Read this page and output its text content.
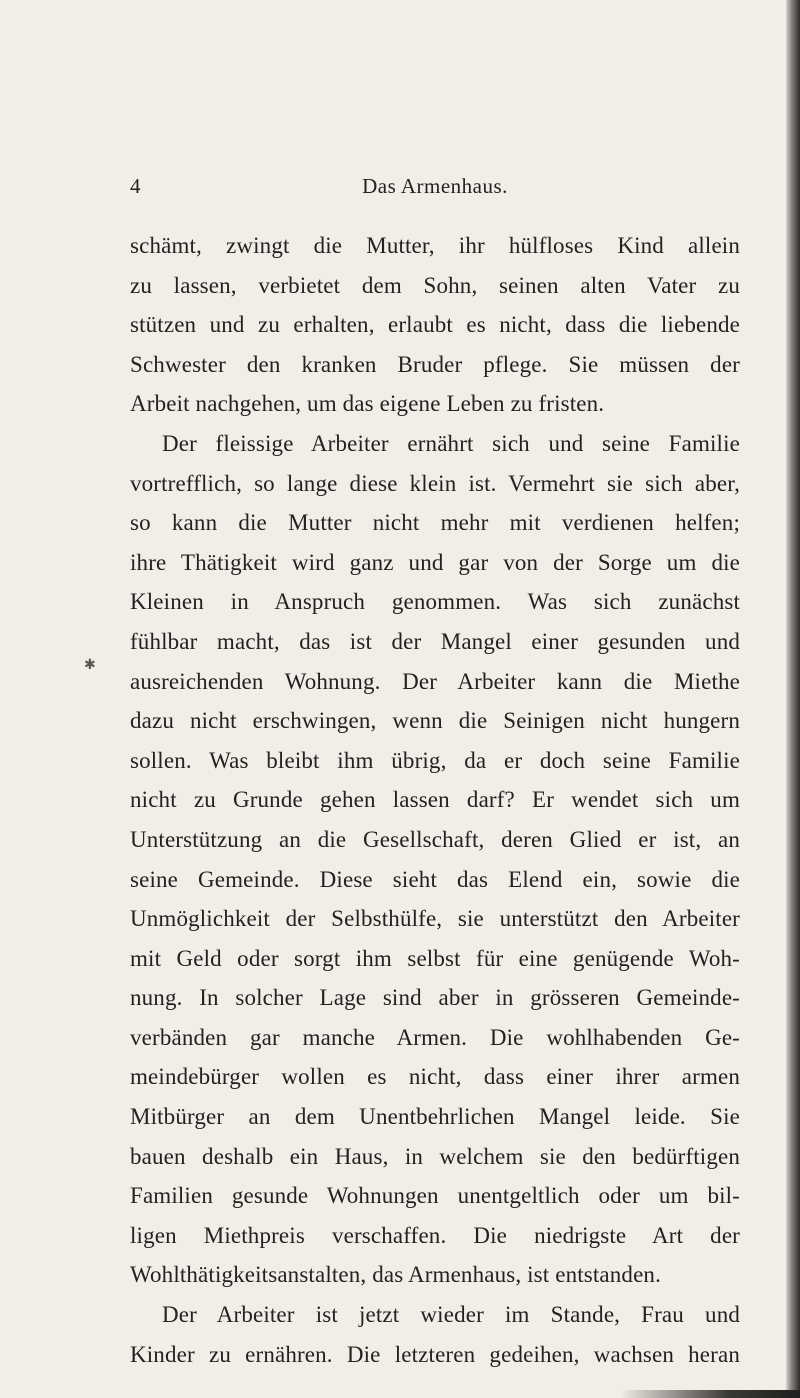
4	Das Armenhaus.
✱
schämt, zwingt die Mutter, ihr hülfloses Kind allein
zu lassen, verbietet dem Sohn, seinen alten Vater zu
stützen und zu erhalten, erlaubt es nicht, dass die liebende
Schwester den kranken Bruder pflege. Sie müssen der
Arbeit nachgehen, um das eigene Leben zu fristen.
Der fleissige Arbeiter ernährt sich und seine Familie
vortrefflich, so lange diese klein ist. Vermehrt sie sich aber,
so kann die Mutter nicht mehr mit verdienen helfen;
ihre Thätigkeit wird ganz und gar von der Sorge um die
Kleinen in Anspruch genommen. Was sich zunächst
fühlbar macht, das ist der Mangel einer gesunden und
ausreichenden Wohnung. Der Arbeiter kann die Miethe
dazu nicht erschwingen, wenn die Seinigen nicht hungern
sollen. Was bleibt ihm übrig, da er doch seine Familie
nicht zu Grunde gehen lassen darf? Er wendet sich um
Unterstützung an die Gesellschaft, deren Glied er ist, an
seine Gemeinde. Diese sieht das Elend ein, sowie die
Unmöglichkeit der Selbsthülfe, sie unterstützt den Arbeiter
mit Geld oder sorgt ihm selbst für eine genügende Woh-
nung. In solcher Lage sind aber in grösseren Gemeinde-
verbänden gar manche Armen. Die wohlhabenden Ge-
meindebürger wollen es nicht, dass einer ihrer armen
Mitbürger an dem Unentbehrlichen Mangel leide. Sie
bauen deshalb ein Haus, in welchem sie den bedürftigen
Familien gesunde Wohnungen unentgeltlich oder um bil-
ligen Miethpreis verschaffen. Die niedrigste Art der
Wohlthätigkeitsanstalten, das Armenhaus, ist entstanden.
Der Arbeiter ist jetzt wieder im Stande, Frau und
Kinder zu ernähren. Die letzteren gedeihen, wachsen heran
